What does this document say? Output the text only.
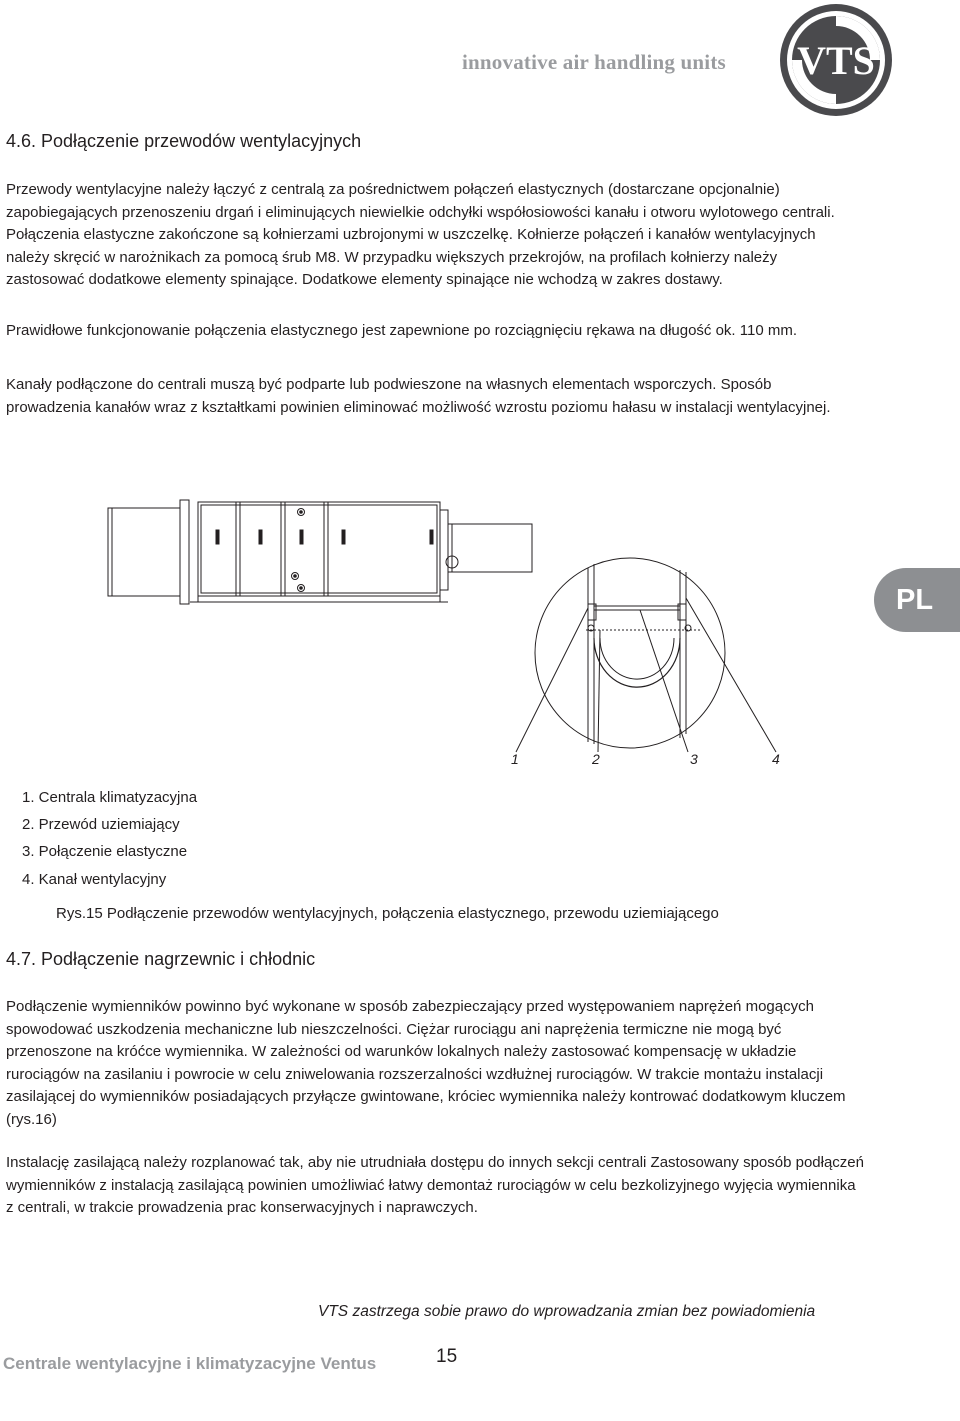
innovative air handling units VTS
4.6. Podłączenie przewodów wentylacyjnych

Przewody wentylacyjne należy łączyć z centralą za pośrednictwem połączeń elastycznych (dostarczane opcjonalnie) zapobiegających przenoszeniu drgań i eliminujących niewielkie odchyłki współosiowości kanału i otworu wylotowego centrali. Połączenia elastyczne zakończone są kołnierzami uzbrojonymi w uszczelkę. Kołnierze połączeń i kanałów wentylacyjnych należy skręcić w narożnikach za pomocą śrub M8. W przypadku większych przekrojów, na profilach kołnierzy należy zastosować dodatkowe elementy spinające. Dodatkowe elementy spinające nie wchodzą w zakres dostawy.

Prawidłowe funkcjonowanie połączenia elastycznego jest zapewnione po rozciągnięciu rękawa na długość ok. 110 mm.

Kanały podłączone do centrali muszą być podparte lub podwieszone na własnych elementach wsporczych. Sposób prowadzenia kanałów wraz z kształtkami powinien eliminować możliwość wzrostu poziomu hałasu w instalacji wentylacyjnej.

PL
1	2	3	4
1. Centrala klimatyzacyjna
2. Przewód uziemiający
3. Połączenie elastyczne
4. Kanał wentylacyjny
Rys.15 Podłączenie przewodów wentylacyjnych, połączenia elastycznego, przewodu uziemiającego
4.7. Podłączenie nagrzewnic i chłodnic

Podłączenie wymienników powinno być wykonane w sposób zabezpieczający przed występowaniem naprężeń mogących spowodować uszkodzenia mechaniczne lub nieszczelności. Ciężar rurociągu ani naprężenia termiczne nie mogą być przenoszone na króćce wymiennika. W zależności od warunków lokalnych należy zastosować kompensację w układzie rurociągów na zasilaniu i powrocie w celu zniwelowania rozszerzalności wzdłużnej rurociągów. W trakcie montażu instalacji zasilającej do wymienników posiadających przyłącze gwintowane, króciec wymiennika należy kontrować dodatkowym kluczem (rys.16)

Instalację zasilającą należy rozplanować tak, aby nie utrudniała dostępu do innych sekcji centrali Zastosowany sposób podłączeń wymienników z instalacją zasilającą powinien umożliwiać łatwy demontaż rurociągów w celu bezkolizyjnego wyjęcia wymiennika z centrali, w trakcie prowadzenia prac konserwacyjnych i naprawczych.

VTS zastrzega sobie prawo do wprowadzania zmian bez powiadomienia
Centrale wentylacyjne i klimatyzacyjne Ventus	15
